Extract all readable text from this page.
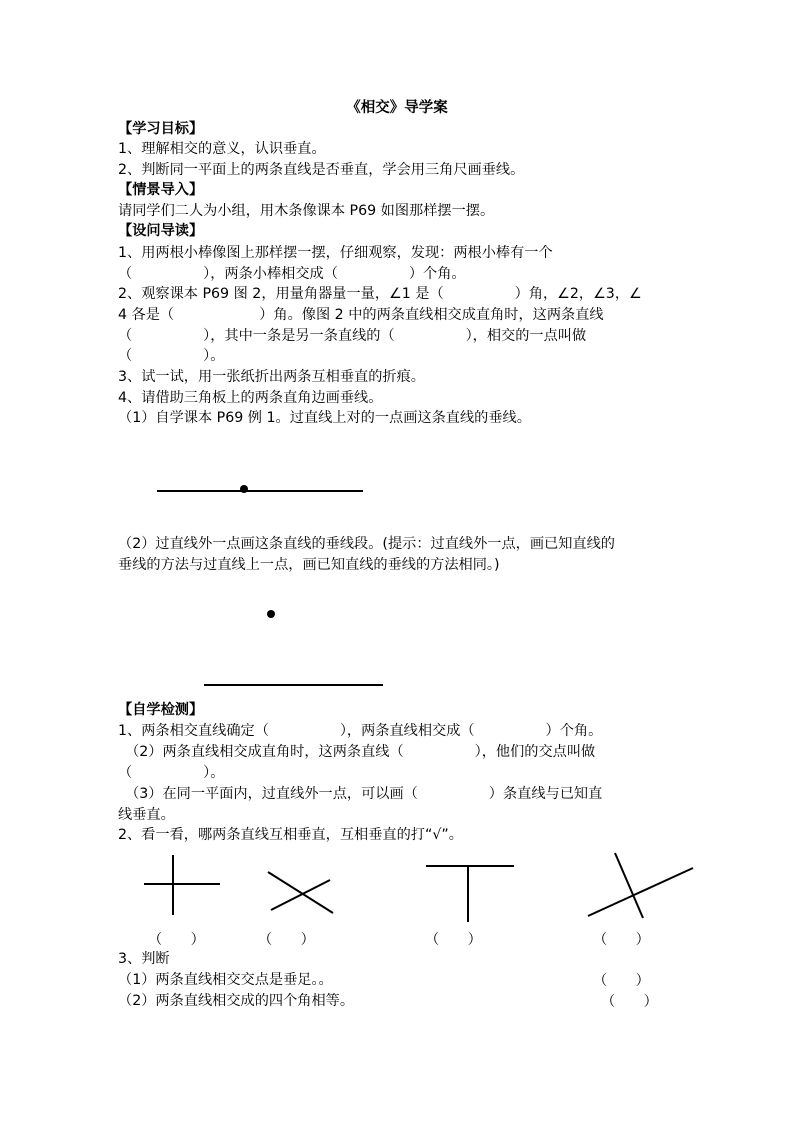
《相交》导学案
【学习目标】
1、理解相交的意义，认识垂直。
2、判断同一平面上的两条直线是否垂直，学会用三角尺画垂线。
【情景导入】
请同学们二人为小组，用木条像课本 P69 如图那样摆一摆。
【设问导读】
1、用两根小棒像图上那样摆一摆，仔细观察，发现：两根小棒有一个
（　　　　　），两条小棒相交成（　　　　　）个角。
2、观察课本 P69 图 2，用量角器量一量，∠1 是（　　　　　）角，∠2，∠3，∠
4 各是（　　　　　　）角。像图 2 中的两条直线相交成直角时，这两条直线
（　　　　　），其中一条是另一条直线的（　　　　　），相交的一点叫做
（　　　　　）。
3、试一试，用一张纸折出两条互相垂直的折痕。
4、请借助三角板上的两条直角边画垂线。
（1）自学课本 P69 例 1。过直线上对的一点画这条直线的垂线。
（2）过直线外一点画这条直线的垂线段。(提示：过直线外一点，画已知直线的
垂线的方法与过直线上一点，画已知直线的垂线的方法相同。)
【自学检测】
1、两条相交直线确定（　　　　　），两条直线相交成（　　　　　）个角。
　（2）两条直线相交成直角时，这两条直线（　　　　　），他们的交点叫做
（　　　　　）。
　（3）在同一平面内，过直线外一点，可以画（　　　　　）条直线与已知直
线垂直。
2、看一看，哪两条直线互相垂直，互相垂直的打“√”。
（　　）	（　　）	（　　）	（　　）
3、判断
（1）两条直线相交交点是垂足。。	（　　）
（2）两条直线相交成的四个角相等。	（　　）
